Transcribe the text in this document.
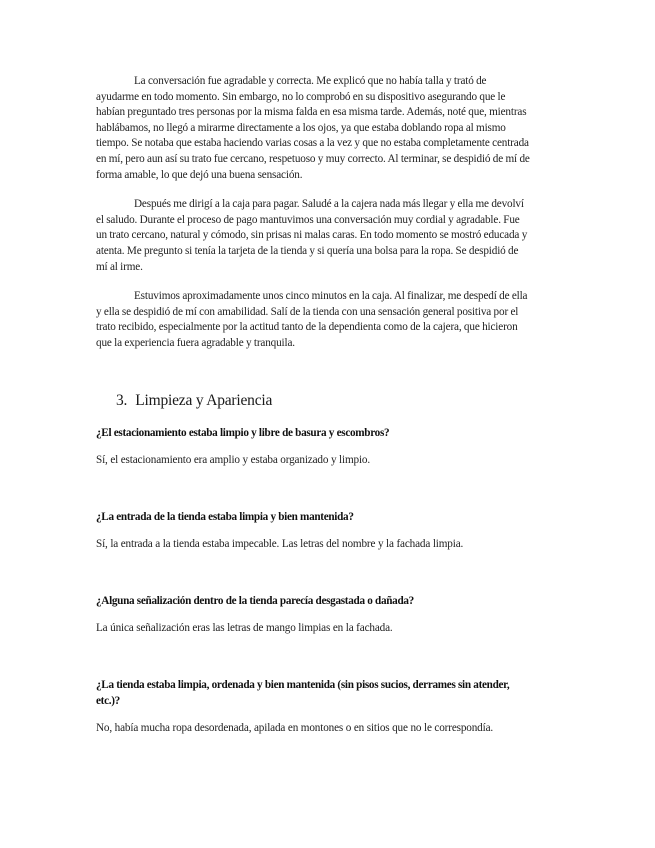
La conversación fue agradable y correcta. Me explicó que no había talla y trató de ayudarme en todo momento. Sin embargo, no lo comprobó en su dispositivo asegurando que le habían preguntado tres personas por la misma falda en esa misma tarde. Además, noté que, mientras hablábamos, no llegó a mirarme directamente a los ojos, ya que estaba doblando ropa al mismo tiempo. Se notaba que estaba haciendo varias cosas a la vez y que no estaba completamente centrada en mí, pero aun así su trato fue cercano, respetuoso y muy correcto. Al terminar, se despidió de mí de forma amable, lo que dejó una buena sensación.

Después me dirigí a la caja para pagar. Saludé a la cajera nada más llegar y ella me devolví el saludo. Durante el proceso de pago mantuvimos una conversación muy cordial y agradable. Fue un trato cercano, natural y cómodo, sin prisas ni malas caras. En todo momento se mostró educada y atenta. Me pregunto si tenía la tarjeta de la tienda y si quería una bolsa para la ropa. Se despidió de mí al irme.

Estuvimos aproximadamente unos cinco minutos en la caja. Al finalizar, me despedí de ella y ella se despidió de mí con amabilidad. Salí de la tienda con una sensación general positiva por el trato recibido, especialmente por la actitud tanto de la dependienta como de la cajera, que hicieron que la experiencia fuera agradable y tranquila.

3. Limpieza y Apariencia

¿El estacionamiento estaba limpio y libre de basura y escombros?

Sí, el estacionamiento era amplio y estaba organizado y limpio.

¿La entrada de la tienda estaba limpia y bien mantenida?

Sí, la entrada a la tienda estaba impecable. Las letras del nombre y la fachada limpia.

¿Alguna señalización dentro de la tienda parecía desgastada o dañada?

La única señalización eras las letras de mango limpias en la fachada.

¿La tienda estaba limpia, ordenada y bien mantenida (sin pisos sucios, derrames sin atender, etc.)?

No, había mucha ropa desordenada, apilada en montones o en sitios que no le correspondía.
